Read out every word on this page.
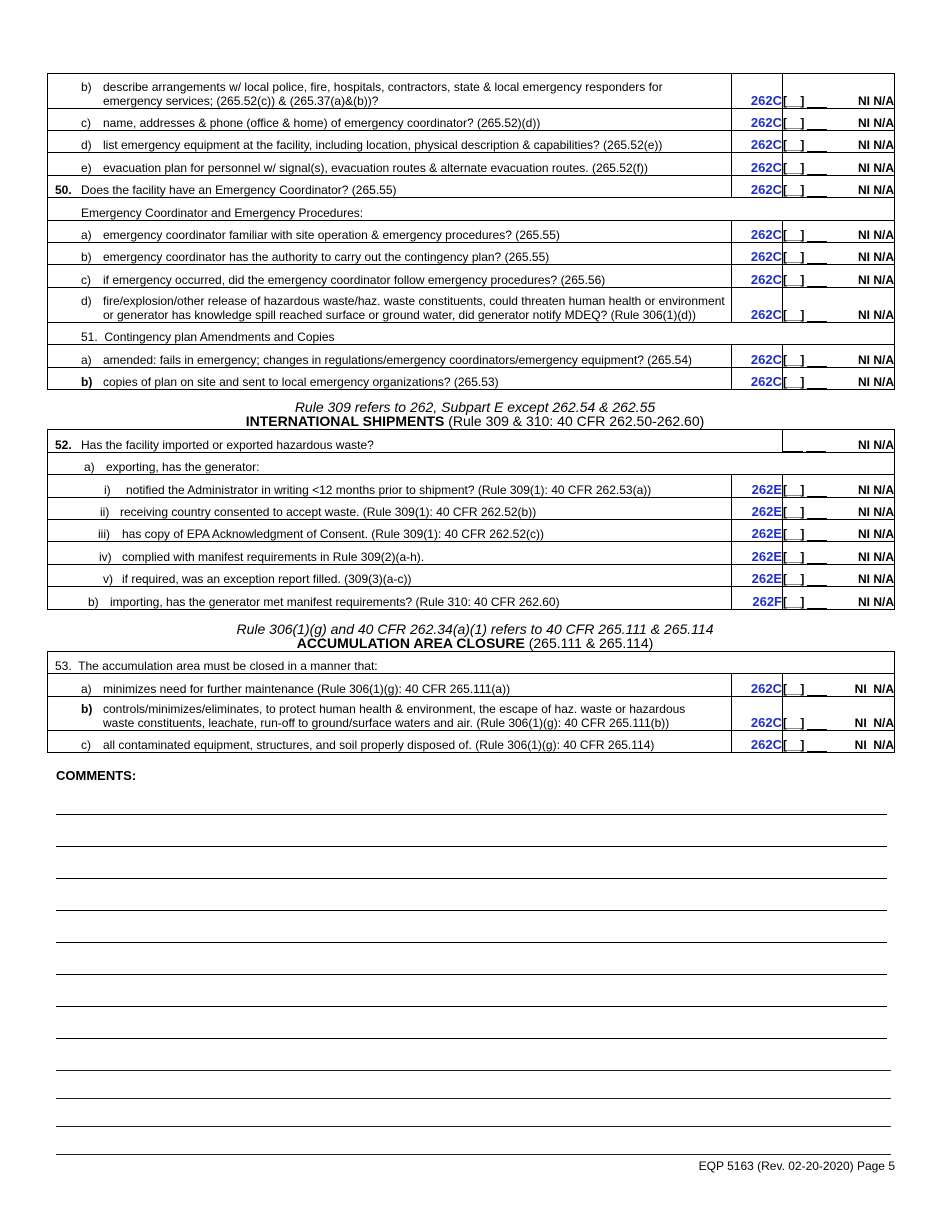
b) describe arrangements w/ local police, fire, hospitals, contractors, state & local emergency responders for
emergency services; (265.52(c)) & (265.37(a)&(b))?	262C	[__] NI N/A

c) name, addresses & phone (office & home) of emergency coordinator? (265.52)(d))	262C	[__] NI N/A

d) list emergency equipment at the facility, including location, physical description & capabilities? (265.52(e))	262C	[__] NI N/A

e) evacuation plan for personnel w/ signal(s), evacuation routes & alternate evacuation routes. (265.52(f))	262C	[__] NI N/A

50. Does the facility have an Emergency Coordinator? (265.55)	262C	[__] NI N/A

Emergency Coordinator and Emergency Procedures:		
a) emergency coordinator familiar with site operation & emergency procedures? (265.55)	262C	[__] NI N/A

b) emergency coordinator has the authority to carry out the contingency plan? (265.55)	262C	[__] NI N/A

c) if emergency occurred, did the emergency coordinator follow emergency procedures? (265.56)	262C	[__] NI N/A

d) fire/explosion/other release of hazardous waste/haz. waste constituents, could threaten human health or environment
or generator has knowledge spill reached surface or ground water, did generator notify MDEQ? (Rule 306(1)(d))	262C	[__] NI N/A

51. Contingency plan Amendments and Copies		
a) amended: fails in emergency; changes in regulations/emergency coordinators/emergency equipment? (265.54)	262C	[__] NI N/A

b) copies of plan on site and sent to local emergency organizations? (265.53)	262C	[__] NI N/A
Rule 309 refers to 262, Subpart E except 262.54 & 262.55
INTERNATIONAL SHIPMENTS (Rule 309 & 310: 40 CFR 262.50-262.60)
52. Has the facility imported or exported hazardous waste?		NI N/A

a) exporting, has the generator:		
i) notified the Administrator in writing <12 months prior to shipment? (Rule 309(1): 40 CFR 262.53(a))	262E	[__] NI N/A

ii) receiving country consented to accept waste. (Rule 309(1): 40 CFR 262.52(b))	262E	[__] NI N/A

iii) has copy of EPA Acknowledgment of Consent. (Rule 309(1): 40 CFR 262.52(c))	262E	[__] NI N/A

iv) complied with manifest requirements in Rule 309(2)(a-h).	262E	[__] NI N/A

v) if required, was an exception report filled. (309(3)(a-c))	262E	[__] NI N/A

b) importing, has the generator met manifest requirements? (Rule 310: 40 CFR 262.60)	262F	[__] NI N/A
Rule 306(1)(g) and 40 CFR 262.34(a)(1) refers to 40 CFR 265.111 & 265.114
ACCUMULATION AREA CLOSURE (265.111 & 265.114)
53. The accumulation area must be closed in a manner that:		
a) minimizes need for further maintenance (Rule 306(1)(g): 40 CFR 265.111(a))	262C	[__] NI N/A

b) controls/minimizes/eliminates, to protect human health & environment, the escape of haz. waste or hazardous
waste constituents, leachate, run-off to ground/surface waters and air. (Rule 306(1)(g): 40 CFR 265.111(b))	262C	[__] NI N/A

c) all contaminated equipment, structures, and soil properly disposed of. (Rule 306(1)(g): 40 CFR 265.114)	262C	[__] NI N/A
COMMENTS:
EQP 5163 (Rev. 02-20-2020) Page 5
